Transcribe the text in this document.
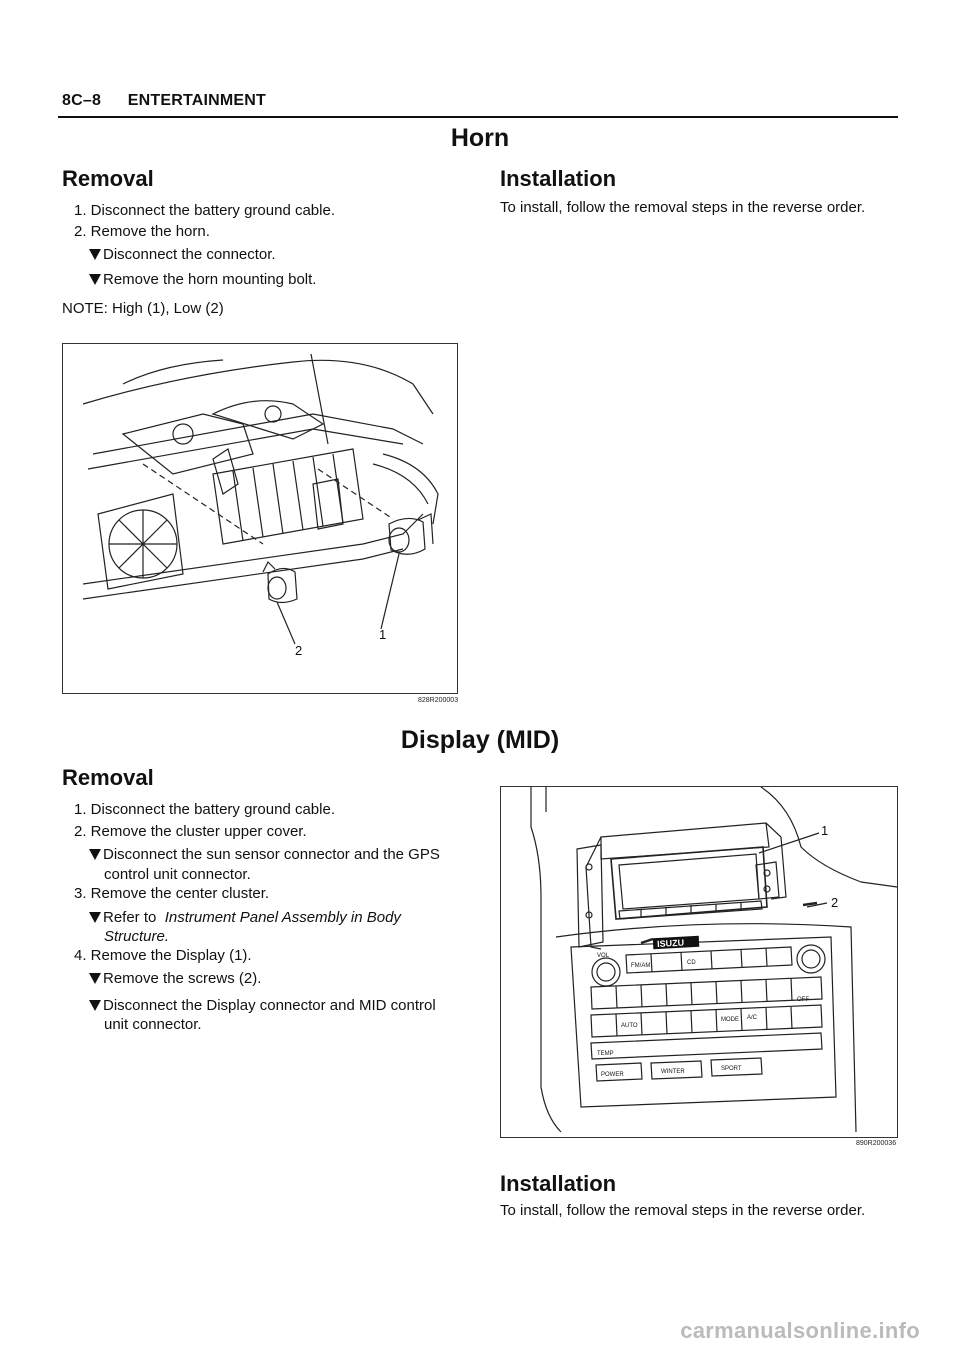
8C–8 ENTERTAINMENT
Horn
Removal
1. Disconnect the battery ground cable.
2. Remove the horn.
Disconnect the connector.
Remove the horn mounting bolt.
NOTE: High (1), Low (2)
Installation
To install, follow the removal steps in the reverse order.
1
2
828R200003
Display (MID)
Removal
1. Disconnect the battery ground cable.
2. Remove the cluster upper cover.
Disconnect the sun sensor connector and the GPS
control unit connector.
3. Remove the center cluster.
Refer to  Instrument Panel Assembly in Body
Structure.
4. Remove the Display (1).
Remove the screws (2).
Disconnect the Display connector and MID control
unit connector.
ISUZU
VOL
FM/AM	CD
TEMP
AUTO
MODE A/C
OFF
POWER	WINTER	SPORT
1
2
890R200036
Installation
To install, follow the removal steps in the reverse order.
carmanualsonline.info
